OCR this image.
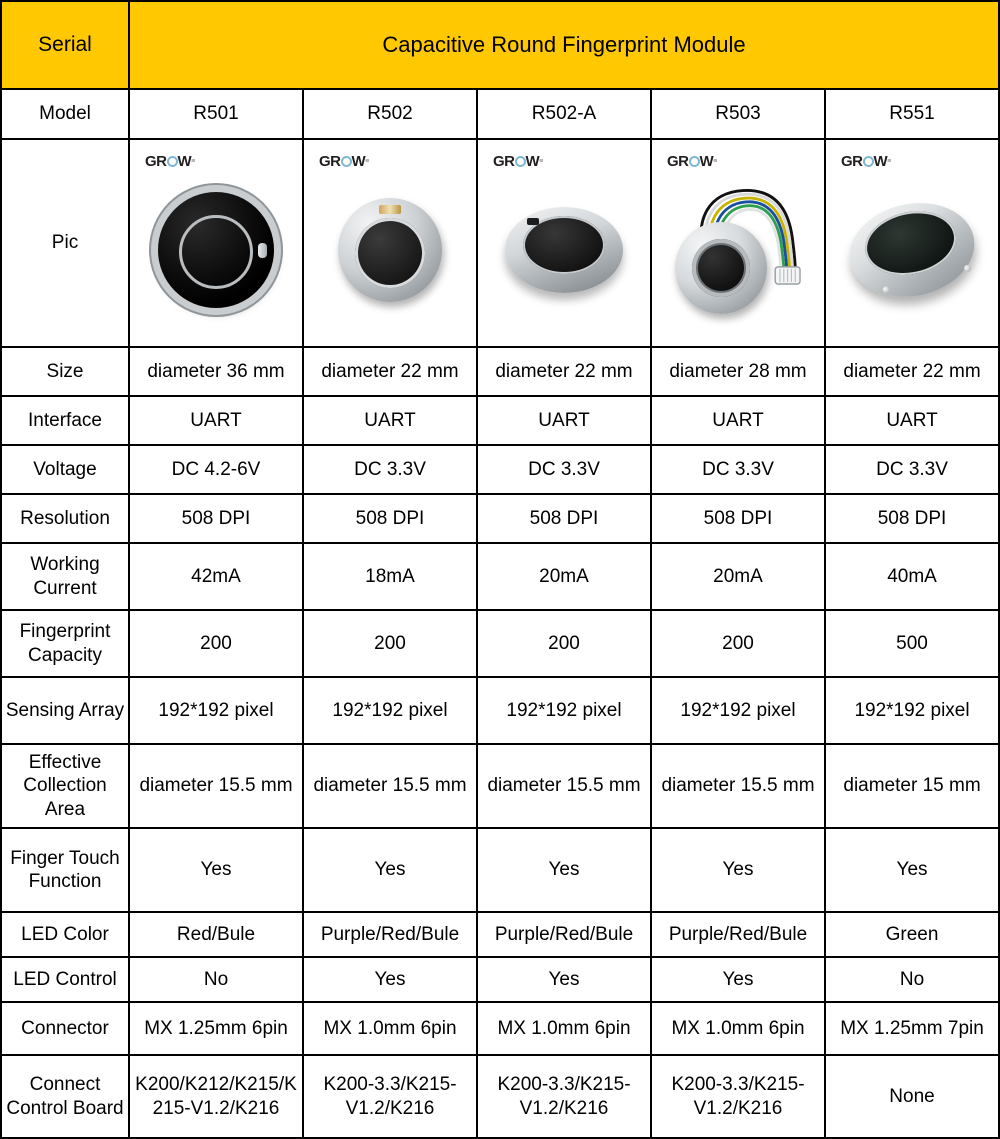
Serial	Capacitive Round Fingerprint Module				
Model	R501	R502	R502-A	R503	R551
Pic	GR W≡	GR W≡	GR W≡	GR W≡	GR W≡

Size	diameter 36 mm	diameter 22 mm	diameter 22 mm	diameter 28 mm	diameter 22 mm
Interface	UART	UART	UART	UART	UART
Voltage	DC 4.2-6V	DC 3.3V	DC 3.3V	DC 3.3V	DC 3.3V
Resolution	508 DPI	508 DPI	508 DPI	508 DPI	508 DPI
Working Current	42mA	18mA	20mA	20mA	40mA
Fingerprint Capacity	200	200	200	200	500
Sensing Array	192*192 pixel	192*192 pixel	192*192 pixel	192*192 pixel	192*192 pixel
Effective Collection Area	diameter 15.5 mm	diameter 15.5 mm	diameter 15.5 mm	diameter 15.5 mm	diameter 15 mm
Finger Touch Function	Yes	Yes	Yes	Yes	Yes
LED Color	Red/Bule	Purple/Red/Bule	Purple/Red/Bule	Purple/Red/Bule	Green
LED Control	No	Yes	Yes	Yes	No
Connector	MX 1.25mm 6pin	MX 1.0mm 6pin	MX 1.0mm 6pin	MX 1.0mm 6pin	MX 1.25mm 7pin
Connect Control Board	K200/K212/K215/K215-V1.2/K216	K200-3.3/K215-V1.2/K216	K200-3.3/K215-V1.2/K216	K200-3.3/K215-V1.2/K216	None
